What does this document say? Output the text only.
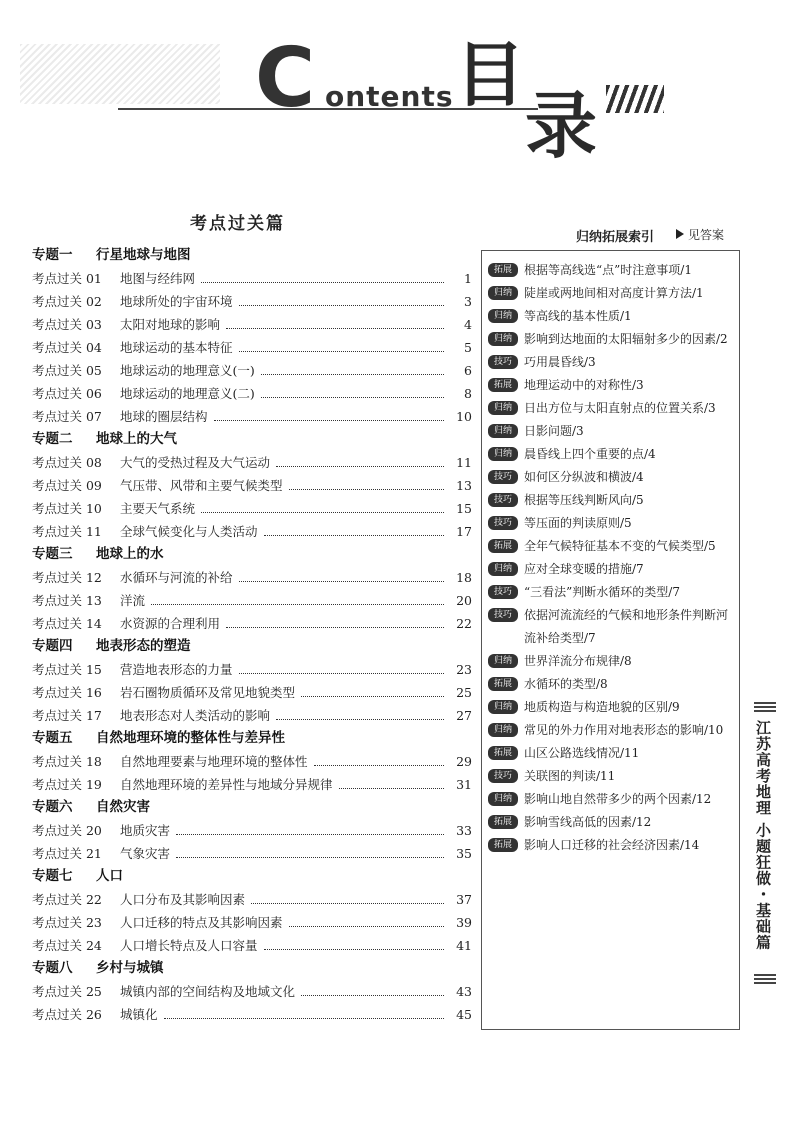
C ontents 目
录
考点过关篇
专题一 行星地球与地图
考点过关 01	地图与经纬网	1
考点过关 02	地球所处的宇宙环境	3
考点过关 03	太阳对地球的影响	4
考点过关 04	地球运动的基本特征	5
考点过关 05	地球运动的地理意义(一)	6
考点过关 06	地球运动的地理意义(二)	8
考点过关 07	地球的圈层结构	10
专题二 地球上的大气
考点过关 08	大气的受热过程及大气运动	11
考点过关 09	气压带、风带和主要气候类型	13
考点过关 10	主要天气系统	15
考点过关 11	全球气候变化与人类活动	17
专题三 地球上的水
考点过关 12	水循环与河流的补给	18
考点过关 13	洋流	20
考点过关 14	水资源的合理利用	22
专题四 地表形态的塑造
考点过关 15	营造地表形态的力量	23
考点过关 16	岩石圈物质循环及常见地貌类型	25
考点过关 17	地表形态对人类活动的影响	27
专题五 自然地理环境的整体性与差异性
考点过关 18	自然地理要素与地理环境的整体性	29
考点过关 19	自然地理环境的差异性与地域分异规律	31
专题六 自然灾害
考点过关 20	地质灾害	33
考点过关 21	气象灾害	35
专题七 人口
考点过关 22	人口分布及其影响因素	37
考点过关 23	人口迁移的特点及其影响因素	39
考点过关 24	人口增长特点及人口容量	41
专题八 乡村与城镇
考点过关 25	城镇内部的空间结构及地域文化	43
考点过关 26	城镇化	45
归纳拓展索引	见答案
拓展	根据等高线选“点”时注意事项/1
归纳	陡崖或两地间相对高度计算方法/1
归纳	等高线的基本性质/1
归纳	影响到达地面的太阳辐射多少的因素/2
技巧	巧用晨昏线/3
拓展	地理运动中的对称性/3
归纳	日出方位与太阳直射点的位置关系/3
归纳	日影问题/3
归纳	晨昏线上四个重要的点/4
技巧	如何区分纵波和横波/4
技巧	根据等压线判断风向/5
技巧	等压面的判读原则/5
拓展	全年气候特征基本不变的气候类型/5
归纳	应对全球变暖的措施/7
技巧	“三看法”判断水循环的类型/7
技巧	依据河流流经的气候和地形条件判断河流补给类型/7
归纳	世界洋流分布规律/8
拓展	水循环的类型/8
归纳	地质构造与构造地貌的区别/9
归纳	常见的外力作用对地表形态的影响/10
拓展	山区公路选线情况/11
技巧	关联图的判读/11
归纳	影响山地自然带多少的两个因素/12
拓展	影响雪线高低的因素/12
拓展	影响人口迁移的社会经济因素/14	江苏高考地理 小题狂做・基础篇
